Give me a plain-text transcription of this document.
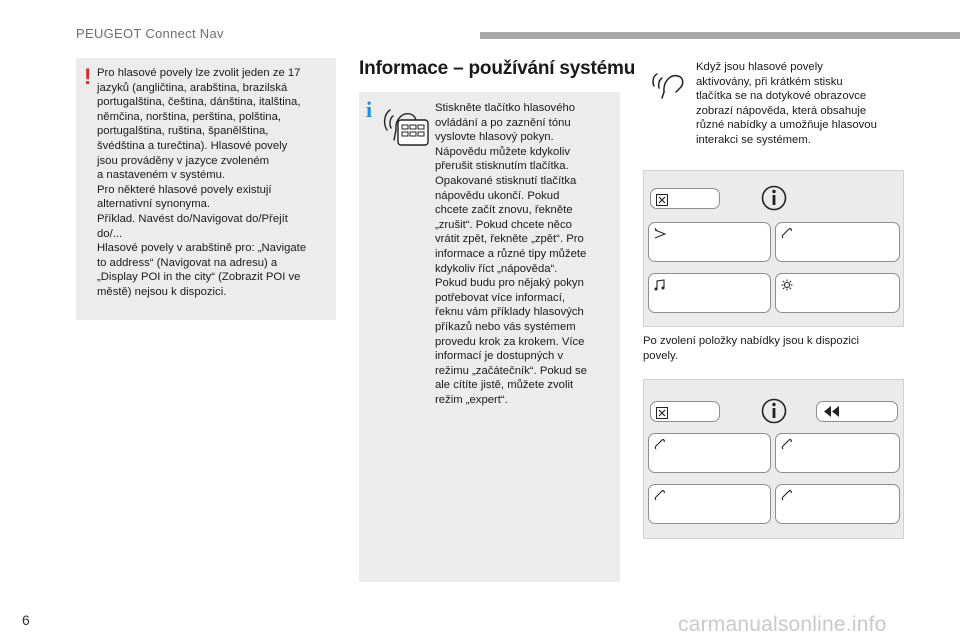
PEUGEOT Connect Nav
! Pro hlasové povely lze zvolit jeden ze 17
jazyků (angličtina, arabština, brazilská
portugalština, čeština, dánština, italština,
němčina, norština, perština, polština,
portugalština, ruština, španělština,
švédština a turečtina). Hlasové povely
jsou prováděny v jazyce zvoleném
a nastaveném v systému.
Pro některé hlasové povely existují
alternativní synonyma.
Příklad. Navést do/Navigovat do/Přejít
do/...
Hlasové povely v arabštině pro: „Navigate
to address“ (Navigovat na adresu) a
„Display POI in the city“ (Zobrazit POI ve
městě) nejsou k dispozici.
Informace – používání systému
i	Stiskněte tlačítko hlasového
ovládání a po zaznění tónu
vyslovte hlasový pokyn.
Nápovědu můžete kdykoliv
přerušit stisknutím tlačítka.
Opakované stisknutí tlačítka
nápovědu ukončí. Pokud
chcete začít znovu, řekněte
„zrušit“. Pokud chcete něco
vrátit zpět, řekněte „zpět“. Pro
informace a různé tipy můžete
kdykoliv říct „nápověda“.
Pokud budu pro nějaký pokyn
potřebovat více informací,
řeknu vám příklady hlasových
příkazů nebo vás systémem
provedu krok za krokem. Více
informací je dostupných v
režimu „začátečník“. Pokud se
ale cítíte jistě, můžete zvolit
režim „expert“.
Když jsou hlasové povely
aktivovány, při krátkém stisku
tlačítka se na dotykové obrazovce
zobrazí nápověda, která obsahuje
různé nabídky a umožňuje hlasovou
interakci se systémem.
Po zvolení položky nabídky jsou k dispozici
povely.
6	carmanualsonline.info
